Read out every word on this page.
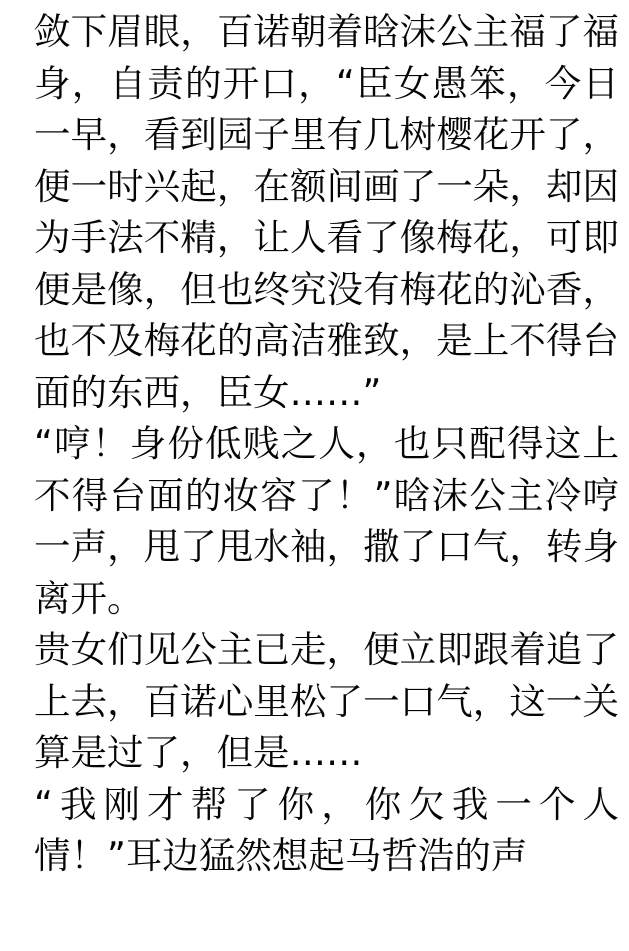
敛下眉眼，百诺朝着晗沫公主福了福身，自责的开口，“臣女愚笨，今日一早，看到园子里有几树樱花开了，便一时兴起，在额间画了一朵，却因为手法不精，让人看了像梅花，可即便是像，但也终究没有梅花的沁香，也不及梅花的高洁雅致，是上不得台面的东西，臣女……”

“哼！身份低贱之人，也只配得这上不得台面的妆容了！”晗沫公主冷哼一声，甩了甩水袖，撒了口气，转身离开。

贵女们见公主已走，便立即跟着追了上去，百诺心里松了一口气，这一关算是过了，但是……

“我刚才帮了你，你欠我一个人情！”耳边猛然想起马哲浩的声
